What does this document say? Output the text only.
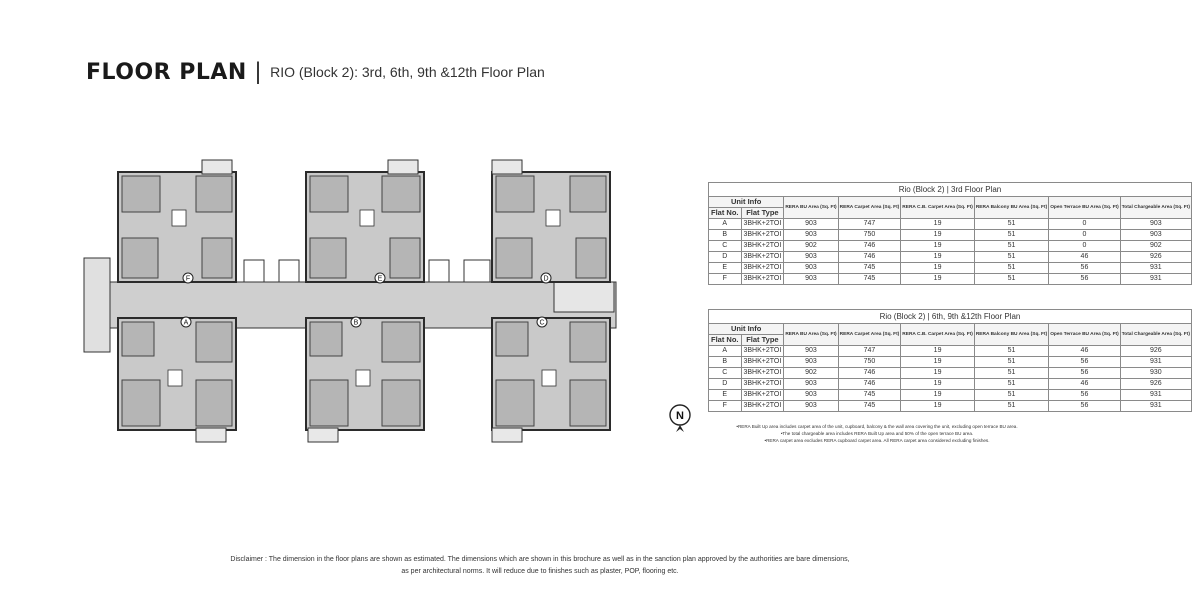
FLOOR PLAN | RIO (Block 2): 3rd, 6th, 9th &12th Floor Plan
F	E	D
A	B	C
Rio (Block 2) | 3rd Floor Plan							
Unit Info		RERA BU Area (Sq. Ft)	RERA Carpet Area (Sq. Ft)	RERA C.B. Carpet Area (Sq. Ft)	RERA Balcony BU Area (Sq. Ft)	Open Terrace BU Area (Sq. Ft)	Total Chargeable Area (Sq. Ft)
Flat No.	Flat Type						
A	3BHK+2TOI	903	747	19	51	0	903
B	3BHK+2TOI	903	750	19	51	0	903
C	3BHK+2TOI	902	746	19	51	0	902
D	3BHK+2TOI	903	746	19	51	46	926
E	3BHK+2TOI	903	745	19	51	56	931
F	3BHK+2TOI	903	745	19	51	56	931
Rio (Block 2) | 6th, 9th &12th Floor Plan							
Unit Info		RERA BU Area (Sq. Ft)	RERA Carpet Area (Sq. Ft)	RERA C.B. Carpet Area (Sq. Ft)	RERA Balcony BU Area (Sq. Ft)	Open Terrace BU Area (Sq. Ft)	Total Chargeable Area (Sq. Ft)
Flat No.	Flat Type						
A	3BHK+2TOI	903	747	19	51	46	926
B	3BHK+2TOI	903	750	19	51	56	931
C	3BHK+2TOI	902	746	19	51	56	930
D	3BHK+2TOI	903	746	19	51	46	926
E	3BHK+2TOI	903	745	19	51	56	931
F	3BHK+2TOI	903	745	19	51	56	931
N
•RERA Built Up area includes carpet area of the unit, cupboard, balcony & the wall area covering the unit, excluding open terrace BU area.
•The total chargeable area includes RERA Built Up area and 50% of the open terrace BU area.
•RERA carpet area excludes RERA cupboard carpet area. All RERA carpet area considered excluding finishes.
Disclaimer : The dimension in the floor plans are shown as estimated. The dimensions which are shown in this brochure as well as in the sanction plan approved by the authorities are bare dimensions,
as per architectural norms. It will reduce due to finishes such as plaster, POP, flooring etc.
